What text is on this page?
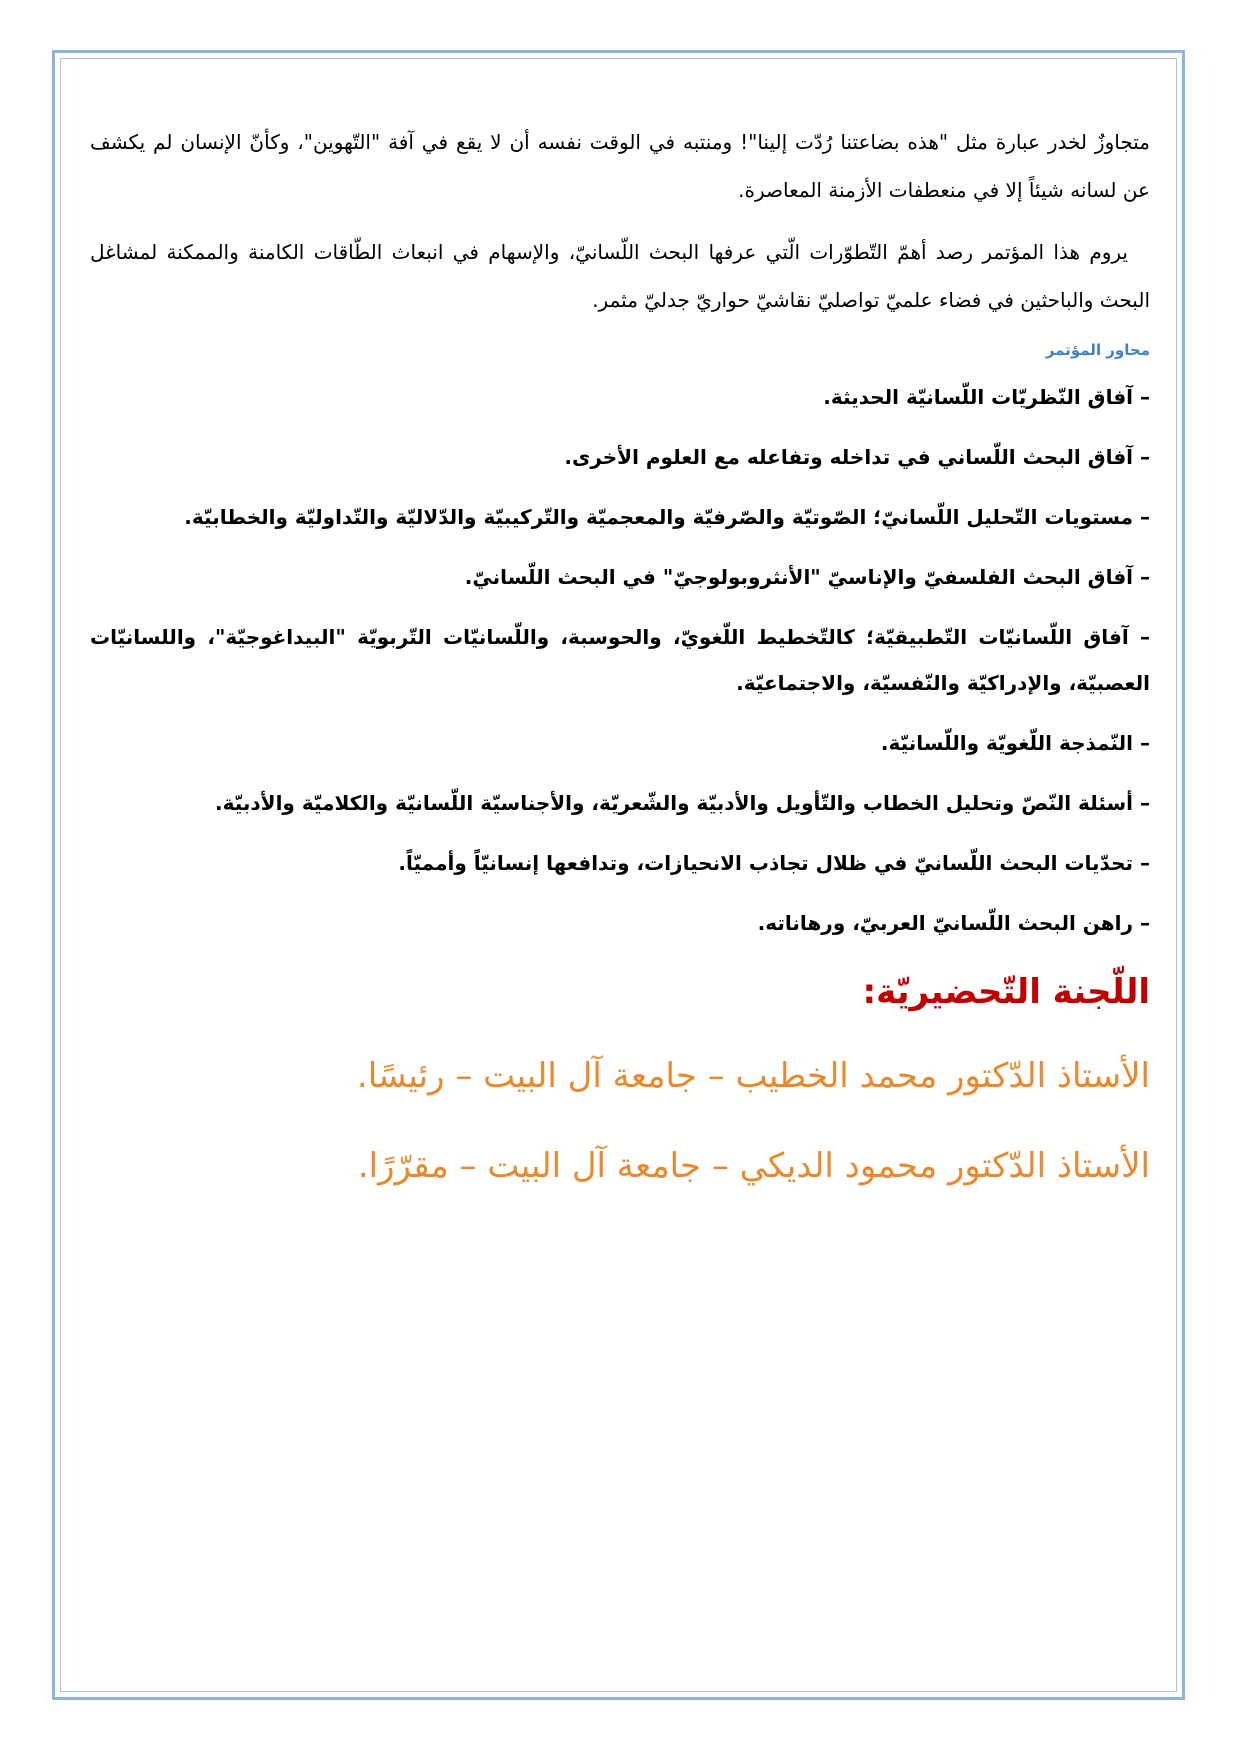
متجاوزٌ لخدر عبارة مثل "هذه بضاعتنا رُدّت إلينا"! ومنتبه في الوقت نفسه أن لا يقع في آفة "التّهوين"، وكأنّ الإنسان لم يكشف عن لسانه شيئاً إلا في منعطفات الأزمنة المعاصرة.

يروم هذا المؤتمر رصد أهمّ التّطوّرات الّتي عرفها البحث اللّسانيّ، والإسهام في انبعاث الطّاقات الكامنة والممكنة لمشاغل البحث والباحثين في فضاء علميّ تواصليّ نقاشيّ حواريّ جدليّ مثمر.

محاور المؤتمر

– آفاق النّظريّات اللّسانيّة الحديثة.

– آفاق البحث اللّساني في تداخله وتفاعله مع العلوم الأخرى.

– مستويات التّحليل اللّسانيّ؛ الصّوتيّة والصّرفيّة والمعجميّة والتّركيبيّة والدّلاليّة والتّداوليّة والخطابيّة.

– آفاق البحث الفلسفيّ والإناسيّ "الأنثروبولوجيّ" في البحث اللّسانيّ.

– آفاق اللّسانيّات التّطبيقيّة؛ كالتّخطيط اللّغويّ، والحوسبة، واللّسانيّات التّربويّة "البيداغوجيّة"، واللسانيّات العصبيّة، والإدراكيّة والنّفسيّة، والاجتماعيّة.

– النّمذجة اللّغويّة واللّسانيّة.

– أسئلة النّصّ وتحليل الخطاب والتّأويل والأدبيّة والشّعريّة، والأجناسيّة اللّسانيّة والكلاميّة والأدبيّة.

– تحدّيات البحث اللّسانيّ في ظلال تجاذب الانحيازات، وتدافعها إنسانيّاً وأمميّاً.

– راهن البحث اللّسانيّ العربيّ، ورهاناته.

اللّجنة التّحضيريّة:
الأستاذ الدّكتور محمد الخطيب – جامعة آل البيت – رئيسًا.
الأستاذ الدّكتور محمود الديكي – جامعة آل البيت – مقرّرًا.
